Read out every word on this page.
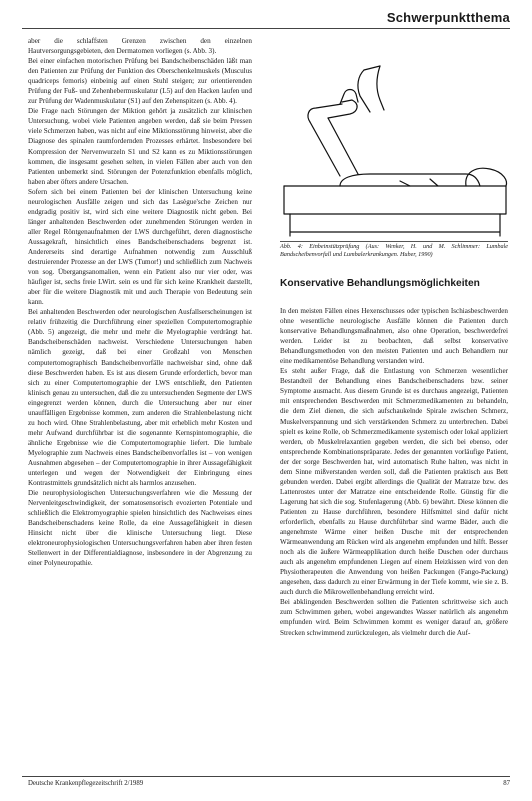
Schwerpunktthema

aber die schlaffsten Grenzen zwischen den einzelnen Hautversorgungsgebieten, den Dermatomen vorliegen (s. Abb. 3).

Bei einer einfachen motorischen Prüfung bei Bandscheibenschäden läßt man den Patienten zur Prüfung der Funktion des Oberschenkelmuskels (Musculus quadriceps femoris) einbeinig auf einen Stuhl steigen; zur orientierenden Prüfung der Fuß- und Zehenhebermuskulatur (L5) auf den Hacken laufen und zur Prüfung der Wadenmuskulatur (S1) auf den Zehenspitzen (s. Abb. 4).

Die Frage nach Störungen der Miktion gehört ja zusätzlich zur klinischen Untersuchung, wobei viele Patienten angeben werden, daß sie beim Pressen viele Schmerzen haben, was nicht auf eine Miktionsstörung hinweist, aber die Diagnose des spinalen raumfordernden Prozesses erhärtet. Insbesondere bei Kompression der Nervenwurzeln S1 und S2 kann es zu Miktionsstörungen kommen, die insgesamt gesehen selten, in vielen Fällen aber auch von den Patienten unbemerkt sind. Störungen der Potenzfunktion ebenfalls möglich, haben aber öfters andere Ursachen.

Sofern sich bei einem Patienten bei der klinischen Untersuchung keine neurologischen Ausfälle zeigen und sich das Lasègue'sche Zeichen nur endgradig positiv ist, wird sich eine weitere Diagnostik nicht geben. Bei länger anhaltenden Beschwerden oder zunehmenden Störungen werden in aller Regel Röntgenaufnahmen der LWS durchgeführt, deren diagnostische Aussagekraft, hinsichtlich eines Bandscheibenschadens begrenzt ist. Andererseits sind derartige Aufnahmen notwendig zum Ausschluß destruierender Prozesse an der LWS (Tumor!) und schließlich zum Nachweis von sog. Übergangsanomalien, wenn ein Patient also nur vier oder, was häufiger ist, sechs freie LWirt. sein es und für sich keine Krankheit darstellt, aber für die weitere Diagnostik mit und auch Therapie von Bedeutung sein kann.

Bei anhaltenden Beschwerden oder neurologischen Ausfallserscheinungen ist relativ frühzeitig die Durchführung einer speziellen Computertomographie (Abb. 5) angezeigt, die mehr und mehr die Myelographie verdrängt hat. Bandscheibenschäden nachweist. Verschiedene Untersuchungen haben nämlich gezeigt, daß bei einer Großzahl von Menschen computertomographisch Bandscheibenvorfälle nachweisbar sind, ohne daß diese Beschwerden haben. Es ist aus diesem Grunde erforderlich, bevor man sich zu einer Computertomographie der LWS entschließt, den Patienten klinisch genau zu untersuchen, daß die zu untersuchenden Segmente der LWS eingegrenzt werden können, durch die Untersuchung aber nur einer unauffälligen Ergebnisse kommen, zum anderen die Strahlenbelastung nicht zu hoch wird. Ohne Strahlenbelastung, aber mit erheblich mehr Kosten und mehr Aufwand durchführbar ist die sogenannte Kernspintomographie, die ähnliche Ergebnisse wie die Computertomographie liefert. Die lumbale Myelographie zum Nachweis eines Bandscheibenvorfalles ist – von wenigen Ausnahmen abgesehen – der Computertomographie in ihrer Aussagefähigkeit unterlegen und wegen der Notwendigkeit der Einbringung eines Kontrastmittels grundsätzlich nicht als harmlos anzusehen.

Die neurophysiologischen Untersuchungsverfahren wie die Messung der Nervenleitgeschwindigkeit, der somatosensorisch evozierten Potentiale und schließlich die Elektromyographie spielen hinsichtlich des Nachweises eines Bandscheibenschadens keine Rolle, da eine Aussagefähigkeit in diesen Hinsicht nicht über die klinische Untersuchung liegt. Diese elektroneurophysiologischen Untersuchungsverfahren haben aber ihren festen Stellenwert in der Differentialdiagnose, insbesondere in der Abgrenzung zu einer Polyneuropathie.

Abb. 4: Einbeinstützprüfung (Aus: Wenker, H. und M. Schlimmer: Lumbale Bandscheibenvorfall und Lumbalerkrankungen. Huber, 1990)
Konservative Behandlungsmöglichkeiten

In den meisten Fällen eines Hexenschusses oder typischen Ischiasbeschwerden ohne wesentliche neurologische Ausfälle können die Patienten durch konservative Behandlungsmaßnahmen, also ohne Operation, beschwerdefrei werden. Leider ist zu beobachten, daß selbst konservative Behandlungsmethoden von den meisten Patienten und auch Behandlern nur eine medikamentöse Behandlung verstanden wird.

Es steht außer Frage, daß die Entlastung von Schmerzen wesentlicher Bestandteil der Behandlung eines Bandscheibenschadens bzw. seiner Symptome ausmacht. Aus diesem Grunde ist es durchaus angezeigt, Patienten mit entsprechenden Beschwerden mit Schmerzmedikamenten zu behandeln, die dem Ziel dienen, die sich aufschaukelnde Spirale zwischen Schmerz, Muskelverspannung und sich verstärkenden Schmerz zu unterbrechen. Dabei spielt es keine Rolle, ob Schmerzmedikamente systemisch oder lokal appliziert werden, ob Muskelrelaxantien gegeben werden, die sich bei ebenso, oder entsprechende Kombinationspräparate. Jedes der genannten vorläufige Patient, der der sorge Beschwerden hat, wird automatisch Ruhe halten, was nicht in dem Sinne mißverstanden werden soll, daß die Patienten praktisch aus Bett gebunden werden. Dabei ergibt allerdings die Qualität der Matratze bzw. des Lattenrostes unter der Matratze eine entscheidende Rolle. Günstig für die Lagerung hat sich die sog. Stufenlagerung (Abb. 6) bewährt. Diese können die Patienten zu Hause durchführen, besondere Hilfsmittel sind dafür nicht erforderlich, ebenfalls zu Hause durchführbar sind warme Bäder, auch die angenehmste Wärme einer heißen Dusche mit der entsprechenden Wärmeanwendung am Rücken wird als angenehm empfunden und hilft. Besser noch als die äußere Wärmeapplikation durch heiße Duschen oder durchaus auch als angenehm empfundenen Liegen auf einem Heizkissen wird von den Physiotherapeuten die Anwendung von heißen Packungen (Fango-Packung) angesehen, dass dadurch zu einer Erwärmung in der Tiefe kommt, wie sie z. B. auch durch die Mikrowellenbehandlung erreicht wird.

Bei abklingenden Beschwerden sollten die Patienten schrittweise sich auch zum Schwimmen gehen, wobei angewandtes Wasser natürlich als angenehm empfunden wird. Beim Schwimmen kommt es weniger darauf an, größere Strecken schwimmend zurückzulegen, als vielmehr durch die Auf-

Deutsche Krankenpflegezeitschrift 2/1989	87
